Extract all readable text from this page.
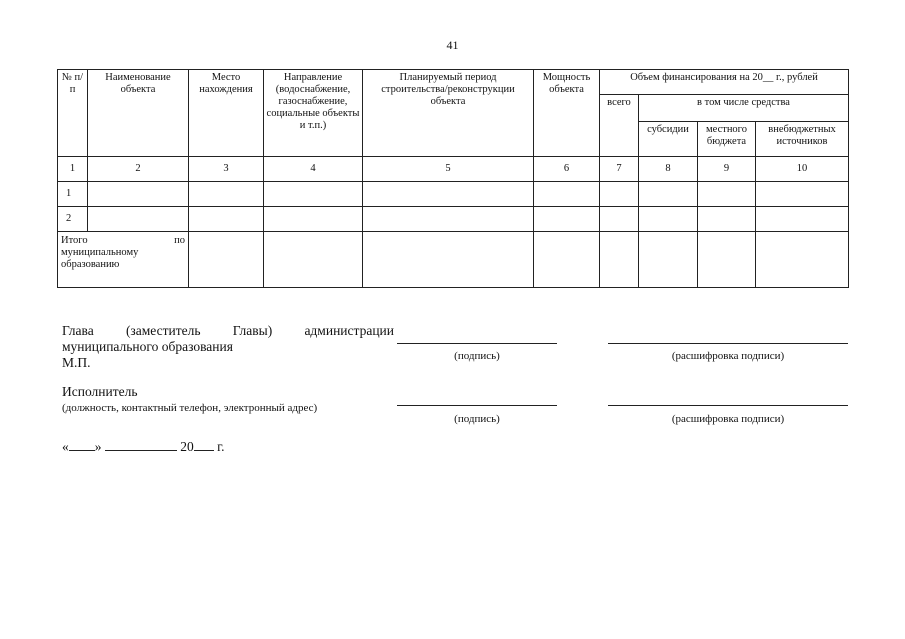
41
№ п/п	Наименование объекта	Место нахождения	Направление (водоснабжение, газоснабжение, социальные объекты и т.п.)	Планируемый период строительства/реконструкции объекта	Мощность объекта	Объем финансирования на 20__ г., рублей			
						всего	в том числе средства		
							субсидии	местного бюджета	внебюджетных источников
1	2	3	4	5	6	7	8	9	10
1									
2									

Итого по
муниципальному
образованию									

Глава (заместитель Главы) администрации
муниципального образования
М.П.	(подпись)	(расшифровка подписи)
Исполнитель
(должность, контактный телефон, электронный адрес)
(подпись)	(расшифровка подписи)
« »	20 г.
